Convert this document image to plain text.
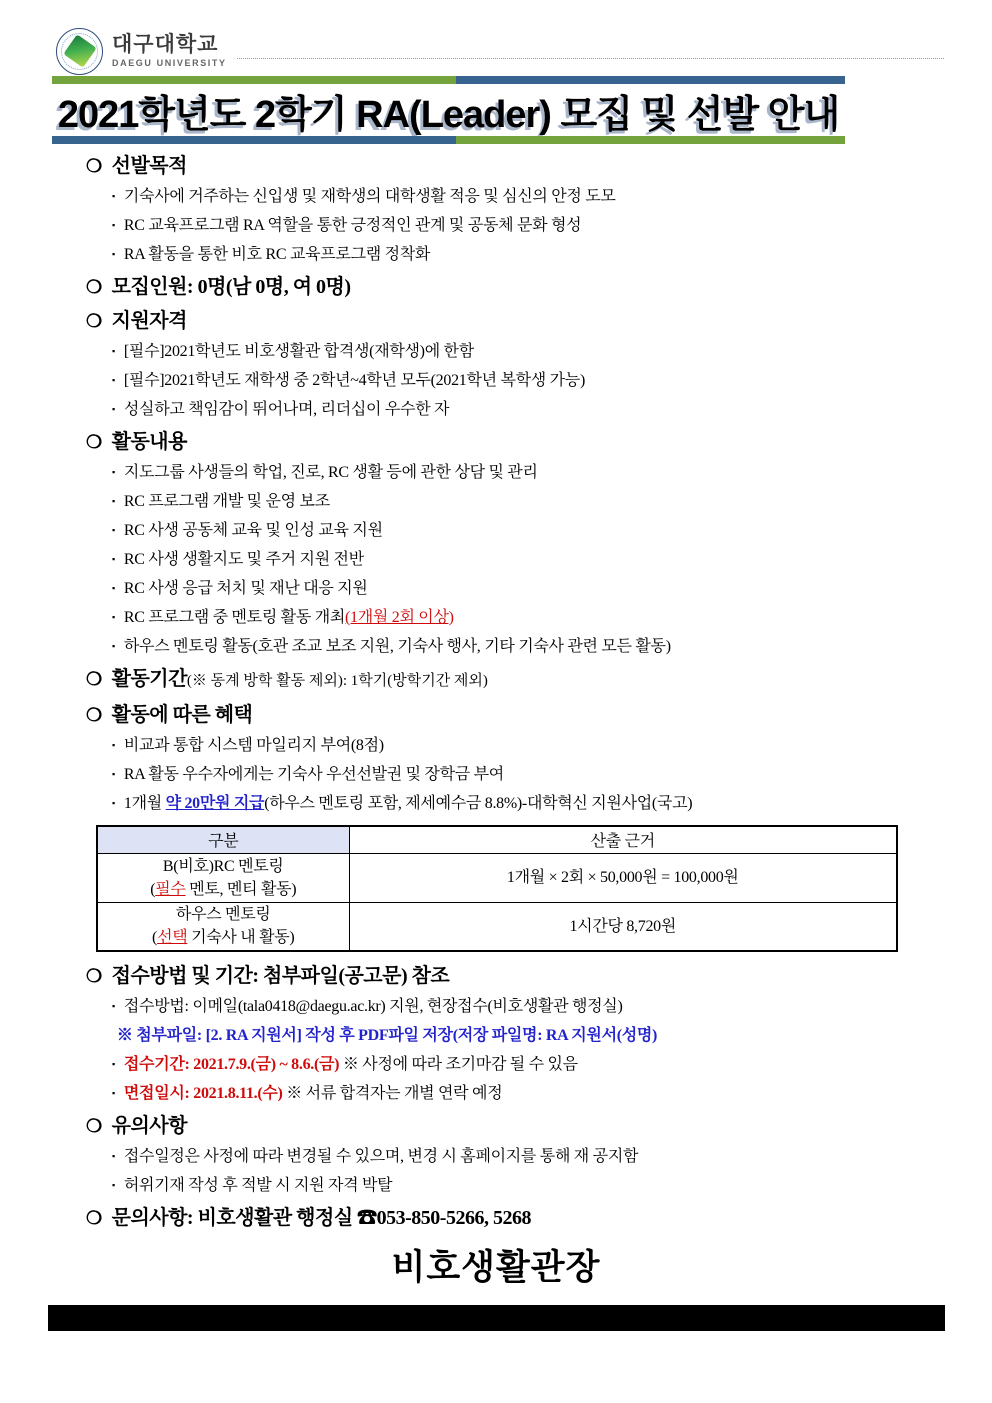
대구대학교
DAEGU UNIVERSITY
2021학년도 2학기 RA(Leader) 모집 및 선발 안내
❍ 선발목적
▪ 기숙사에 거주하는 신입생 및 재학생의 대학생활 적응 및 심신의 안정 도모
▪ RC 교육프로그램 RA 역할을 통한 긍정적인 관계 및 공동체 문화 형성
▪ RA 활동을 통한 비호 RC 교육프로그램 정착화
❍ 모집인원: 0명(남 0명, 여 0명)
❍ 지원자격
▪ [필수]2021학년도 비호생활관 합격생(재학생)에 한함
▪ [필수]2021학년도 재학생 중 2학년~4학년 모두(2021학년 복학생 가능)
▪ 성실하고 책임감이 뛰어나며, 리더십이 우수한 자
❍ 활동내용
▪ 지도그룹 사생들의 학업, 진로, RC 생활 등에 관한 상담 및 관리
▪ RC 프로그램 개발 및 운영 보조
▪ RC 사생 공동체 교육 및 인성 교육 지원
▪ RC 사생 생활지도 및 주거 지원 전반
▪ RC 사생 응급 처치 및 재난 대응 지원
▪ RC 프로그램 중 멘토링 활동 개최(1개월 2회 이상)
▪ 하우스 멘토링 활동(호관 조교 보조 지원, 기숙사 행사, 기타 기숙사 관련 모든 활동)
❍ 활동기간(※ 동계 방학 활동 제외): 1학기(방학기간 제외)
❍ 활동에 따른 혜택
▪ 비교과 통합 시스템 마일리지 부여(8점)
▪ RA 활동 우수자에게는 기숙사 우선선발권 및 장학금 부여
▪ 1개월 약 20만원 지급(하우스 멘토링 포함, 제세예수금 8.8%)-대학혁신 지원사업(국고)
구분	산출 근거
B(비호)RC 멘토링
(필수 멘토, 멘티 활동)	1개월 × 2회 × 50,000원 = 100,000원
하우스 멘토링
(선택 기숙사 내 활동)	1시간당 8,720원
❍ 접수방법 및 기간: 첨부파일(공고문) 참조
▪ 접수방법: 이메일(tala0418@daegu.ac.kr) 지원, 현장접수(비호생활관 행정실)
※ 첨부파일: [2. RA 지원서] 작성 후 PDF파일 저장(저장 파일명: RA 지원서(성명)
▪ 접수기간: 2021.7.9.(금) ~ 8.6.(금) ※ 사정에 따라 조기마감 될 수 있음
▪ 면접일시: 2021.8.11.(수) ※ 서류 합격자는 개별 연락 예정
❍ 유의사항
▪ 접수일정은 사정에 따라 변경될 수 있으며, 변경 시 홈페이지를 통해 재 공지함
▪ 허위기재 작성 후 적발 시 지원 자격 박탈
❍ 문의사항: 비호생활관 행정실 ☎053-850-5266, 5268
비호생활관장
